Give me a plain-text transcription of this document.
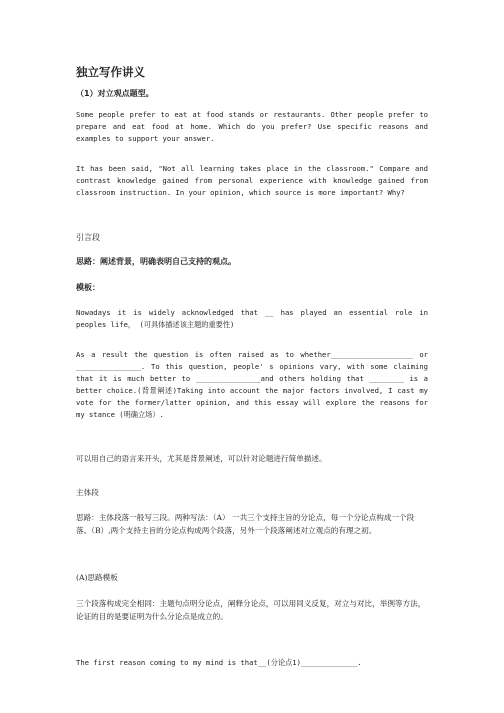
独立写作讲义
（1）对立观点题型。
Some people prefer to eat at food stands or restaurants. Other people prefer to prepare and eat food at home. Which do you prefer? Use specific reasons and examples to support your answer.
It has been said, "Not all learning takes place in the classroom." Compare and contrast knowledge gained from personal experience with knowledge gained from classroom instruction. In your opinion, which source is more important? Why?
引言段
思路：阐述背景，明确表明自己支持的观点。
模板：
Nowadays it is widely acknowledged that __ has played an essential role in peoples life， (可具体描述该主题的重要性)
As a result the question is often raised as to whether___________________ or _______________. To this question, people' s opinions vary, with some claiming that it is much better to _______________and others holding that ________ is a better choice.(背景阐述)Taking into account the major factors involved, I cast my vote for the former/latter opinion, and this essay will explore the reasons for my stance (明确立场）.
可以用自己的语言来开头，尤其是背景阐述，可以针对论题进行简单描述。
主体段
思路：主体段落一般写三段。两种写法：（A） 一共三个支持主旨的分论点，每一个分论点构成一个段落。（B）,两个支持主旨的分论点构成两个段落，另外一个段落阐述对立观点的有理之初。
(A)思路模板
三个段落构成完全相同：主题句点明分论点，阐释分论点，可以用同义反复，对立与对比，举例等方法，论证的目的是要证明为什么分论点是成立的。
The first reason coming to my mind is that__(分论点1)_____________.
